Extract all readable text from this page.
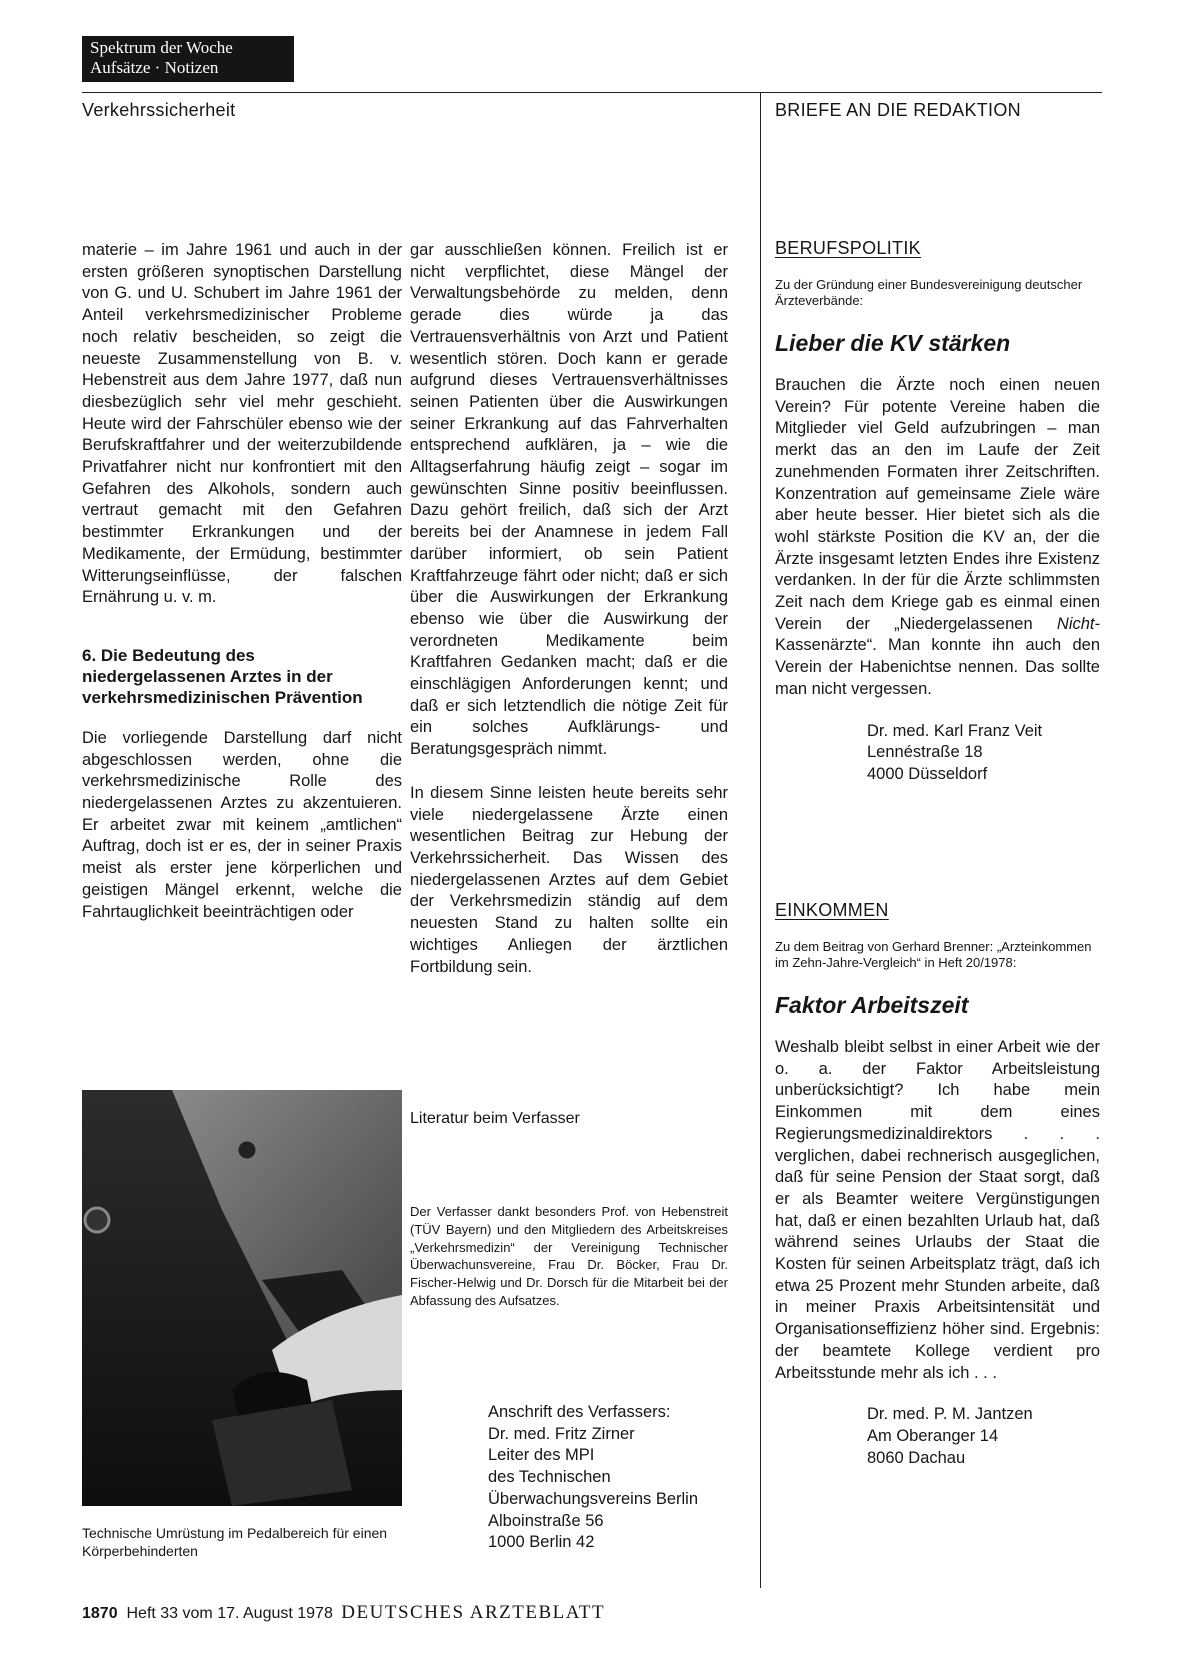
Spektrum der Woche
Aufsätze · Notizen
Verkehrssicherheit	BRIEFE AN DIE REDAKTION

materie – im Jahre 1961 und auch in der ersten größeren synoptischen Darstellung von G. und U. Schubert im Jahre 1961 der Anteil verkehrsmedizinischer Probleme noch relativ bescheiden, so zeigt die neueste Zusammenstellung von B. v. Hebenstreit aus dem Jahre 1977, daß nun diesbezüglich sehr viel mehr geschieht. Heute wird der Fahrschüler ebenso wie der Berufskraftfahrer und der weiterzubildende Privatfahrer nicht nur konfrontiert mit den Gefahren des Alkohols, sondern auch vertraut gemacht mit den Gefahren bestimmter Erkrankungen und der Medikamente, der Ermüdung, bestimmter Witterungseinflüsse, der falschen Ernährung u. v. m.

6. Die Bedeutung des niedergelassenen Arztes in der verkehrsmedizinischen Prävention

Die vorliegende Darstellung darf nicht abgeschlossen werden, ohne die verkehrsmedizinische Rolle des niedergelassenen Arztes zu akzentuieren. Er arbeitet zwar mit keinem „amtlichen“ Auftrag, doch ist er es, der in seiner Praxis meist als erster jene körperlichen und geistigen Mängel erkennt, welche die Fahrtauglichkeit beeinträchtigen oder

Technische Umrüstung im Pedalbereich für einen Körperbehinderten

gar ausschließen können. Freilich ist er nicht verpflichtet, diese Mängel der Verwaltungsbehörde zu melden, denn gerade dies würde ja das Vertrauensverhältnis von Arzt und Patient wesentlich stören. Doch kann er gerade aufgrund dieses Vertrauensverhältnisses seinen Patienten über die Auswirkungen seiner Erkrankung auf das Fahrverhalten entsprechend aufklären, ja – wie die Alltagserfahrung häufig zeigt – sogar im gewünschten Sinne positiv beeinflussen. Dazu gehört freilich, daß sich der Arzt bereits bei der Anamnese in jedem Fall darüber informiert, ob sein Patient Kraftfahrzeuge fährt oder nicht; daß er sich über die Auswirkungen der Erkrankung ebenso wie über die Auswirkung der verordneten Medikamente beim Kraftfahren Gedanken macht; daß er die einschlägigen Anforderungen kennt; und daß er sich letztendlich die nötige Zeit für ein solches Aufklärungs- und Beratungsgespräch nimmt.

In diesem Sinne leisten heute bereits sehr viele niedergelassene Ärzte einen wesentlichen Beitrag zur Hebung der Verkehrssicherheit. Das Wissen des niedergelassenen Arztes auf dem Gebiet der Verkehrsmedizin ständig auf dem neuesten Stand zu halten sollte ein wichtiges Anliegen der ärztlichen Fortbildung sein.

Literatur beim Verfasser
Der Verfasser dankt besonders Prof. von Hebenstreit (TÜV Bayern) und den Mitgliedern des Arbeitskreises „Verkehrsmedizin“ der Vereinigung Technischer Überwachunsvereine, Frau Dr. Böcker, Frau Dr. Fischer-Helwig und Dr. Dorsch für die Mitarbeit bei der Abfassung des Aufsatzes.
Anschrift des Verfassers:
Dr. med. Fritz Zirner
Leiter des MPI
des Technischen
Überwachungsvereins Berlin
Alboinstraße 56
1000 Berlin 42
BERUFSPOLITIK
Zu der Gründung einer Bundesvereinigung deutscher Ärzteverbände:
Lieber die KV stärken
Brauchen die Ärzte noch einen neuen Verein? Für potente Vereine haben die Mitglieder viel Geld aufzubringen – man merkt das an den im Laufe der Zeit zunehmenden Formaten ihrer Zeitschriften. Konzentration auf gemeinsame Ziele wäre aber heute besser. Hier bietet sich als die wohl stärkste Position die KV an, der die Ärzte insgesamt letzten Endes ihre Existenz verdanken. In der für die Ärzte schlimmsten Zeit nach dem Kriege gab es einmal einen Verein der „Niedergelassenen Nicht- Kassenärzte“. Man konnte ihn auch den Verein der Habenichtse nennen. Das sollte man nicht vergessen.
Dr. med. Karl Franz Veit
Lennéstraße 18
4000 Düsseldorf
EINKOMMEN
Zu dem Beitrag von Gerhard Brenner: „Arzteinkommen im Zehn-Jahre-Vergleich“ in Heft 20/1978:
Faktor Arbeitszeit
Weshalb bleibt selbst in einer Arbeit wie der o. a. der Faktor Arbeitsleistung unberücksichtigt? Ich habe mein Einkommen mit dem eines Regierungsmedizinaldirektors . . . verglichen, dabei rechnerisch ausgeglichen, daß für seine Pension der Staat sorgt, daß er als Beamter weitere Vergünstigungen hat, daß er einen bezahlten Urlaub hat, daß während seines Urlaubs der Staat die Kosten für seinen Arbeitsplatz trägt, daß ich etwa 25 Prozent mehr Stunden arbeite, daß in meiner Praxis Arbeitsintensität und Organisationseffizienz höher sind. Ergebnis: der beamtete Kollege verdient pro Arbeitsstunde mehr als ich . . .
Dr. med. P. M. Jantzen
Am Oberanger 14
8060 Dachau
1870 Heft 33 vom 17. August 1978 DEUTSCHES ARZTEBLATT
